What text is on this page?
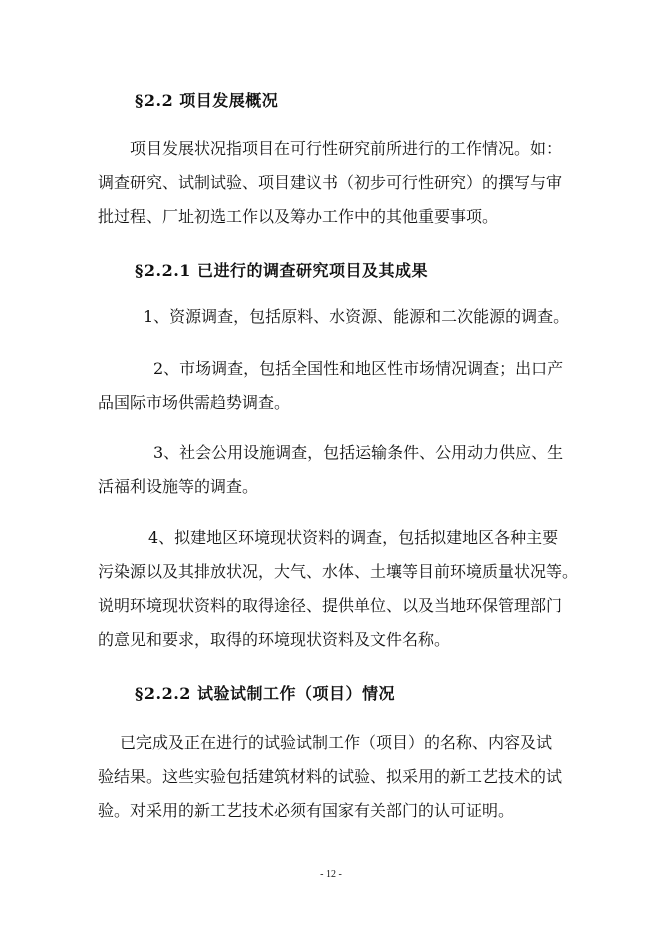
§2.2 项目发展概况

项目发展状况指项目在可行性研究前所进行的工作情况。如：
调查研究、试制试验、项目建议书（初步可行性研究）的撰写与审
批过程、厂址初选工作以及筹办工作中的其他重要事项。

§2.2.1 已进行的调查研究项目及其成果

1、资源调查，包括原料、水资源、能源和二次能源的调查。

2、市场调查，包括全国性和地区性市场情况调查；出口产
品国际市场供需趋势调查。

3、社会公用设施调查，包括运输条件、公用动力供应、生
活福利设施等的调查。

4、拟建地区环境现状资料的调查，包括拟建地区各种主要
污染源以及其排放状况，大气、水体、土壤等目前环境质量状况等。
说明环境现状资料的取得途径、提供单位、以及当地环保管理部门
的意见和要求，取得的环境现状资料及文件名称。

§2.2.2 试验试制工作（项目）情况

已完成及正在进行的试验试制工作（项目）的名称、内容及试
验结果。这些实验包括建筑材料的试验、拟采用的新工艺技术的试
验。对采用的新工艺技术必须有国家有关部门的认可证明。

- 12 -
